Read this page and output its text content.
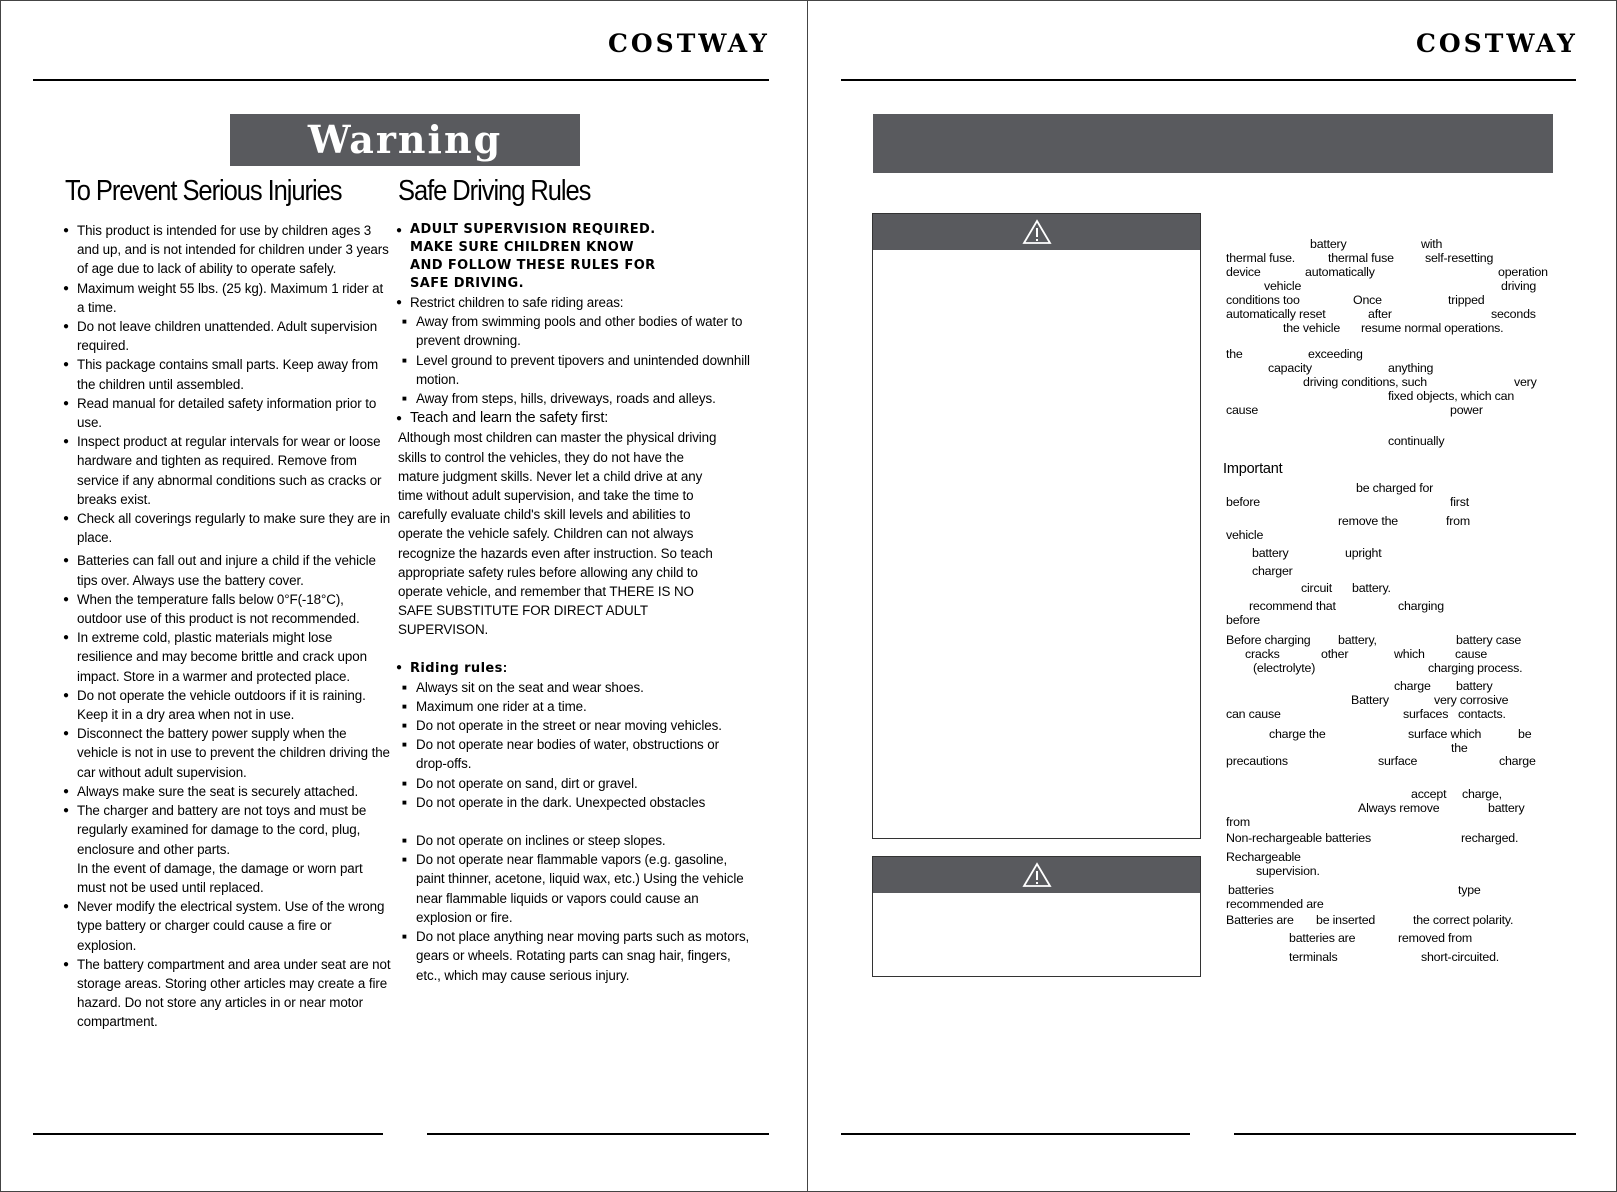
COSTWAY
Warning
To Prevent Serious Injuries Safe Driving Rules
● This product is intended for use by children ages 3 and up, and is not intended for children under 3 years of age due to lack of ability to operate safely.
● Maximum weight 55 lbs. (25 kg). Maximum 1 rider at a time.
● Do not leave children unattended. Adult supervision required.
● This package contains small parts. Keep away from the children until assembled.
● Read manual for detailed safety information prior to use.
● Inspect product at regular intervals for wear or loose hardware and tighten as required. Remove from service if any abnormal conditions such as cracks or breaks exist.
● Check all coverings regularly to make sure they are in place.
● Batteries can fall out and injure a child if the vehicle tips over. Always use the battery cover.
● When the temperature falls below 0°F(-18°C), outdoor use of this product is not recommended.
● In extreme cold, plastic materials might lose resilience and may become brittle and crack upon impact. Store in a warmer and protected place.
● Do not operate the vehicle outdoors if it is raining. Keep it in a dry area when not in use.
● Disconnect the battery power supply when the vehicle is not in use to prevent the children driving the car without adult supervision.
● Always make sure the seat is securely attached.
● The charger and battery are not toys and must be regularly examined for damage to the cord, plug, enclosure and other parts.
In the event of damage, the damage or worn part must not be used until replaced.
● Never modify the electrical system. Use of the wrong type battery or charger could cause a fire or explosion.
● The battery compartment and area under seat are not storage areas. Storing other articles may create a fire hazard. Do not store any articles in or near motor compartment.
● ADULT SUPERVISION REQUIRED. MAKE SURE CHILDREN KNOW AND FOLLOW THESE RULES FOR SAFE DRIVING.
● Restrict children to safe riding areas:
■ Away from swimming pools and other bodies of water to prevent drowning.
■ Level ground to prevent tipovers and unintended downhill motion.
■ Away from steps, hills, driveways, roads and alleys.
● Teach and learn the safety first:
Although most children can master the physical driving skills to control the vehicles, they do not have the mature judgment skills. Never let a child drive at any time without adult supervision, and take the time to carefully evaluate child's skill levels and abilities to operate the vehicle safely. Children can not always recognize the hazards even after instruction. So teach appropriate safety rules before allowing any child to operate vehicle, and remember that THERE IS NO SAFE SUBSTITUTE FOR DIRECT ADULT SUPERVISON.
● Riding rules:
■ Always sit on the seat and wear shoes.
■ Maximum one rider at a time.
■ Do not operate in the street or near moving vehicles.
■ Do not operate near bodies of water, obstructions or drop-offs.
■ Do not operate on sand, dirt or gravel.
■ Do not operate in the dark. Unexpected obstacles
■ Do not operate on inclines or steep slopes.
■ Do not operate near flammable vapors (e.g. gasoline, paint thinner, acetone, liquid wax, etc.) Using the vehicle near flammable liquids or vapors could cause an explosion or fire.
■ Do not place anything near moving parts such as motors, gears or wheels. Rotating parts can snag hair, fingers, etc., which may cause serious injury.
COSTWAY
Important
battery	with
thermal fuse.	thermal fuse	self-resetting
device	automatically	operation
vehicle	driving
conditions too	Once	tripped
automatically reset	after	seconds
the vehicle resume normal operations.
the	exceeding
capacity	anything
driving conditions, such	very
fixed objects, which can
cause	power
continually
be charged for
before	first
remove the	from
vehicle
battery	upright
charger
circuit battery.
recommend that	charging
before
Before charging battery,	battery case
cracks	other	which cause
(electrolyte)	charging process.
charge battery
Battery	very corrosive
can cause	surfaces contacts.
charge the	surface which	be
the
precautions	surface	charge
accept charge,
Always remove	battery
from
Non-rechargeable batteries	recharged.
Rechargeable
supervision.
batteries	type
recommended are
Batteries are be inserted	the correct polarity.
batteries are	removed from
terminals	short-circuited.
